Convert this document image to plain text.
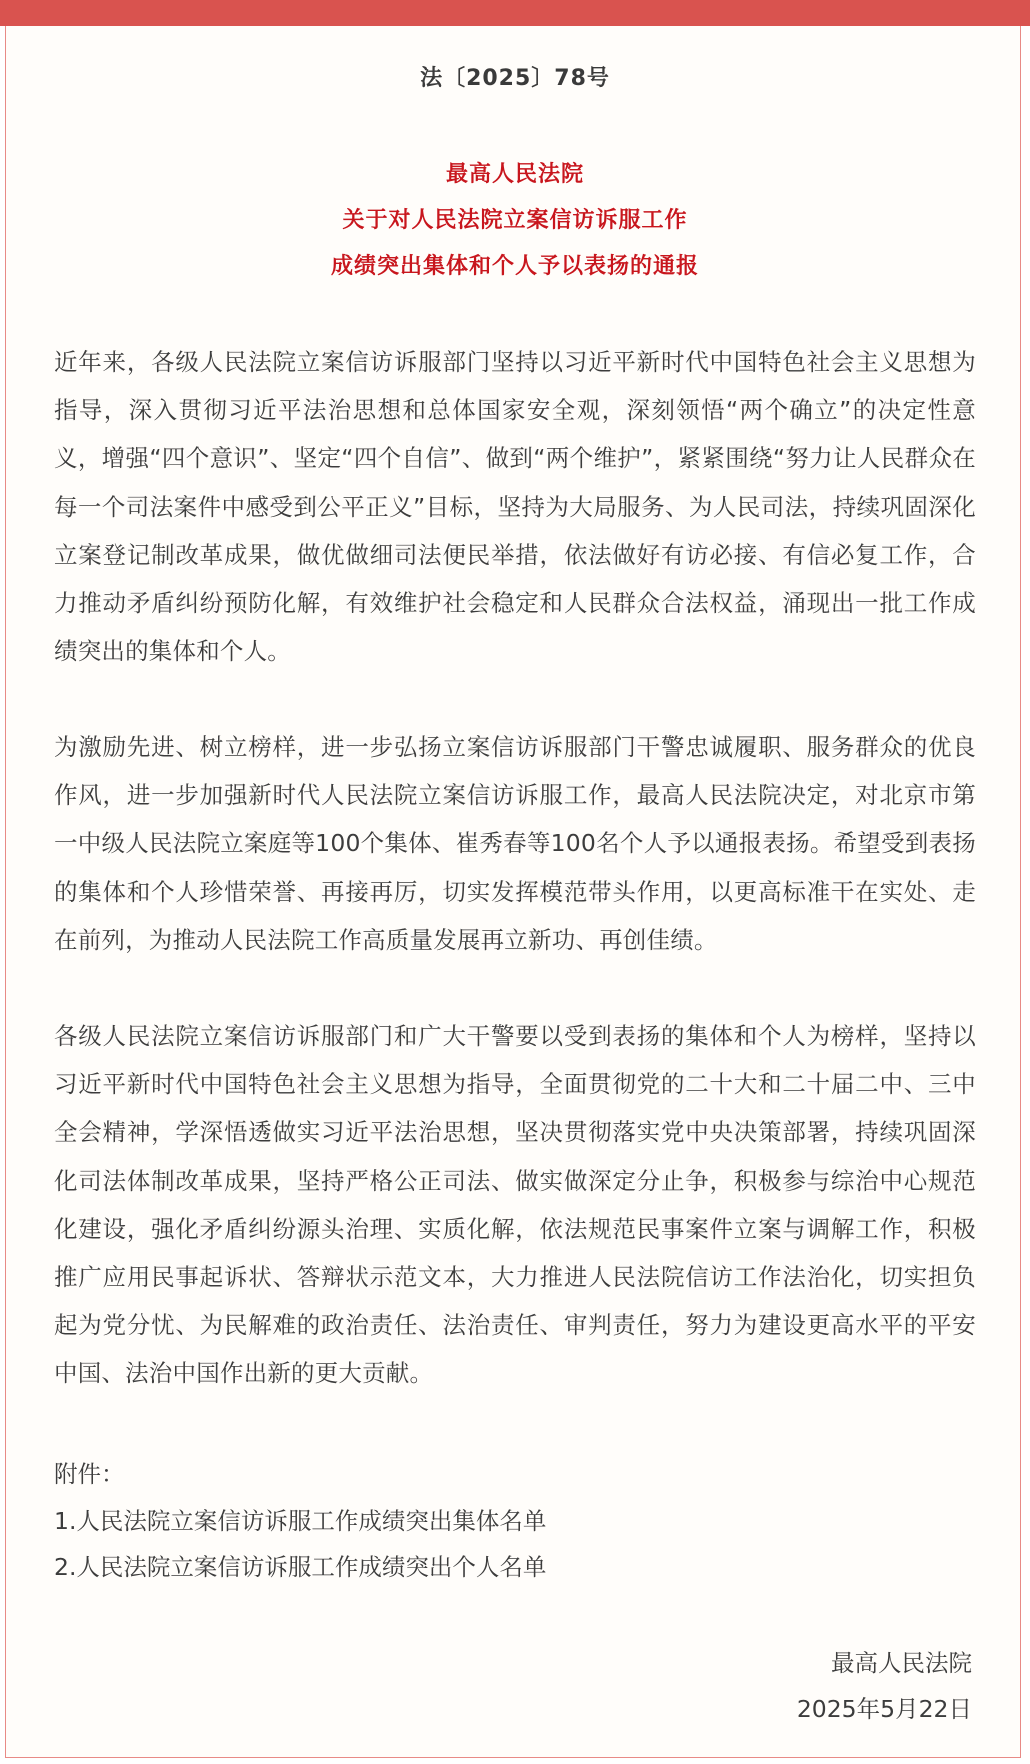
法〔2025〕78号
最高人民法院
关于对人民法院立案信访诉服工作
成绩突出集体和个人予以表扬的通报

近年来，各级人民法院立案信访诉服部门坚持以习近平新时代中国特色社会主义思想为指导，深入贯彻习近平法治思想和总体国家安全观，深刻领悟“两个确立”的决定性意义，增强“四个意识”、坚定“四个自信”、做到“两个维护”，紧紧围绕“努力让人民群众在每一个司法案件中感受到公平正义”目标，坚持为大局服务、为人民司法，持续巩固深化立案登记制改革成果，做优做细司法便民举措，依法做好有访必接、有信必复工作，合力推动矛盾纠纷预防化解，有效维护社会稳定和人民群众合法权益，涌现出一批工作成绩突出的集体和个人。

为激励先进、树立榜样，进一步弘扬立案信访诉服部门干警忠诚履职、服务群众的优良作风，进一步加强新时代人民法院立案信访诉服工作，最高人民法院决定，对北京市第一中级人民法院立案庭等100个集体、崔秀春等100名个人予以通报表扬。希望受到表扬的集体和个人珍惜荣誉、再接再厉，切实发挥模范带头作用，以更高标准干在实处、走在前列，为推动人民法院工作高质量发展再立新功、再创佳绩。

各级人民法院立案信访诉服部门和广大干警要以受到表扬的集体和个人为榜样，坚持以习近平新时代中国特色社会主义思想为指导，全面贯彻党的二十大和二十届二中、三中全会精神，学深悟透做实习近平法治思想，坚决贯彻落实党中央决策部署，持续巩固深化司法体制改革成果，坚持严格公正司法、做实做深定分止争，积极参与综治中心规范化建设，强化矛盾纠纷源头治理、实质化解，依法规范民事案件立案与调解工作，积极推广应用民事起诉状、答辩状示范文本，大力推进人民法院信访工作法治化，切实担负起为党分忧、为民解难的政治责任、法治责任、审判责任，努力为建设更高水平的平安中国、法治中国作出新的更大贡献。

附件：
1.人民法院立案信访诉服工作成绩突出集体名单
2.人民法院立案信访诉服工作成绩突出个人名单
最高人民法院
2025年5月22日
